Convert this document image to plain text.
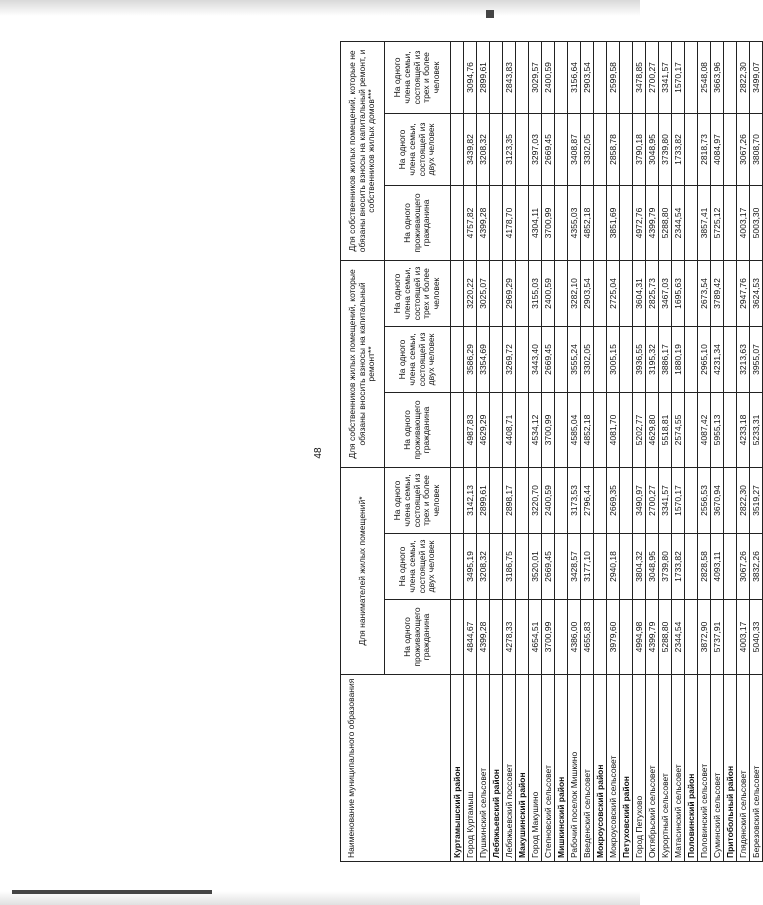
48
Наименование муниципального образования	Для нанимателей жилых помещений*			Для собственников жилых помещений, которые обязаны вносить взносы на капитальный ремонт**			Для собственников жилых помещений, которые не обязаны вносить взносы на капитальный ремонт, и собственников жилых домов***		
	На одного проживающего гражданина	На одного члена семьи, состоящей из двух человек	На одного члена семьи, состоящей из трех и более человек	На одного проживающего гражданина	На одного члена семьи, состоящей из двух человек	На одного члена семьи, состоящей из трех и более человек	На одного проживающего гражданина	На одного члена семьи, состоящей из двух человек	На одного члена семьи, состоящей из трех и более человек
Куртамышский район									
Город Куртамыш	4844,67	3495,19	3142,13	4987,83	3586,29	3220,22	4757,82	3439,82	3094,76
Пушкинский сельсовет	4399,28	3208,32	2899,61	4629,29	3354,69	3025,07	4399,28	3208,32	2899,61
Лебяжьевский район									
Лебяжьевский поссовет	4278,33	3186,75	2898,17	4408,71	3269,72	2969,29	4178,70	3123,35	2843,83
Макушинский район									
Город Макушино	4654,51	3520,01	3220,70	4534,12	3443,40	3155,03	4304,11	3297,03	3029,57
Степновский сельсовет	3700,99	2669,45	2400,59	3700,99	2669,45	2400,59	3700,99	2669,45	2400,59
Мишкинский район									
Рабочий поселок Мишкино	4386,00	3428,57	3173,53	4585,04	3555,24	3282,10	4355,03	3408,87	3156,64
Введенский сельсовет	4655,83	3177,10	2796,44	4852,18	3302,05	2903,54	4852,18	3302,05	2903,54
Мокроусовский район									
Мокроусовский сельсовет	3979,60	2940,18	2669,35	4081,70	3005,15	2725,04	3851,69	2858,78	2599,58
Петуховский район									
Город Петухово	4994,98	3804,32	3490,97	5202,77	3936,55	3604,31	4972,76	3790,18	3478,85
Октябрьский сельсовет	4399,79	3048,95	2700,27	4629,80	3195,32	2825,73	4399,79	3048,95	2700,27
Курортный сельсовет	5288,80	3739,80	3341,57	5518,81	3886,17	3467,03	5288,80	3739,80	3341,57
Матасинский сельсовет	2344,54	1733,82	1570,17	2574,55	1880,19	1695,63	2344,54	1733,82	1570,17
Половинский район									
Половинский сельсовет	3872,90	2828,58	2556,53	4087,42	2965,10	2673,54	3857,41	2818,73	2548,08
Суминский сельсовет	5737,91	4093,11	3670,94	5955,13	4231,34	3789,42	5725,12	4084,97	3663,96
Притобольный район									
Глядянский сельсовет	4003,17	3067,26	2822,30	4233,18	3213,63	2947,76	4003,17	3067,26	2822,30
Березовский сельсовет	5040,33	3832,26	3519,27	5233,31	3955,07	3624,53	5003,30	3808,70	3499,07
